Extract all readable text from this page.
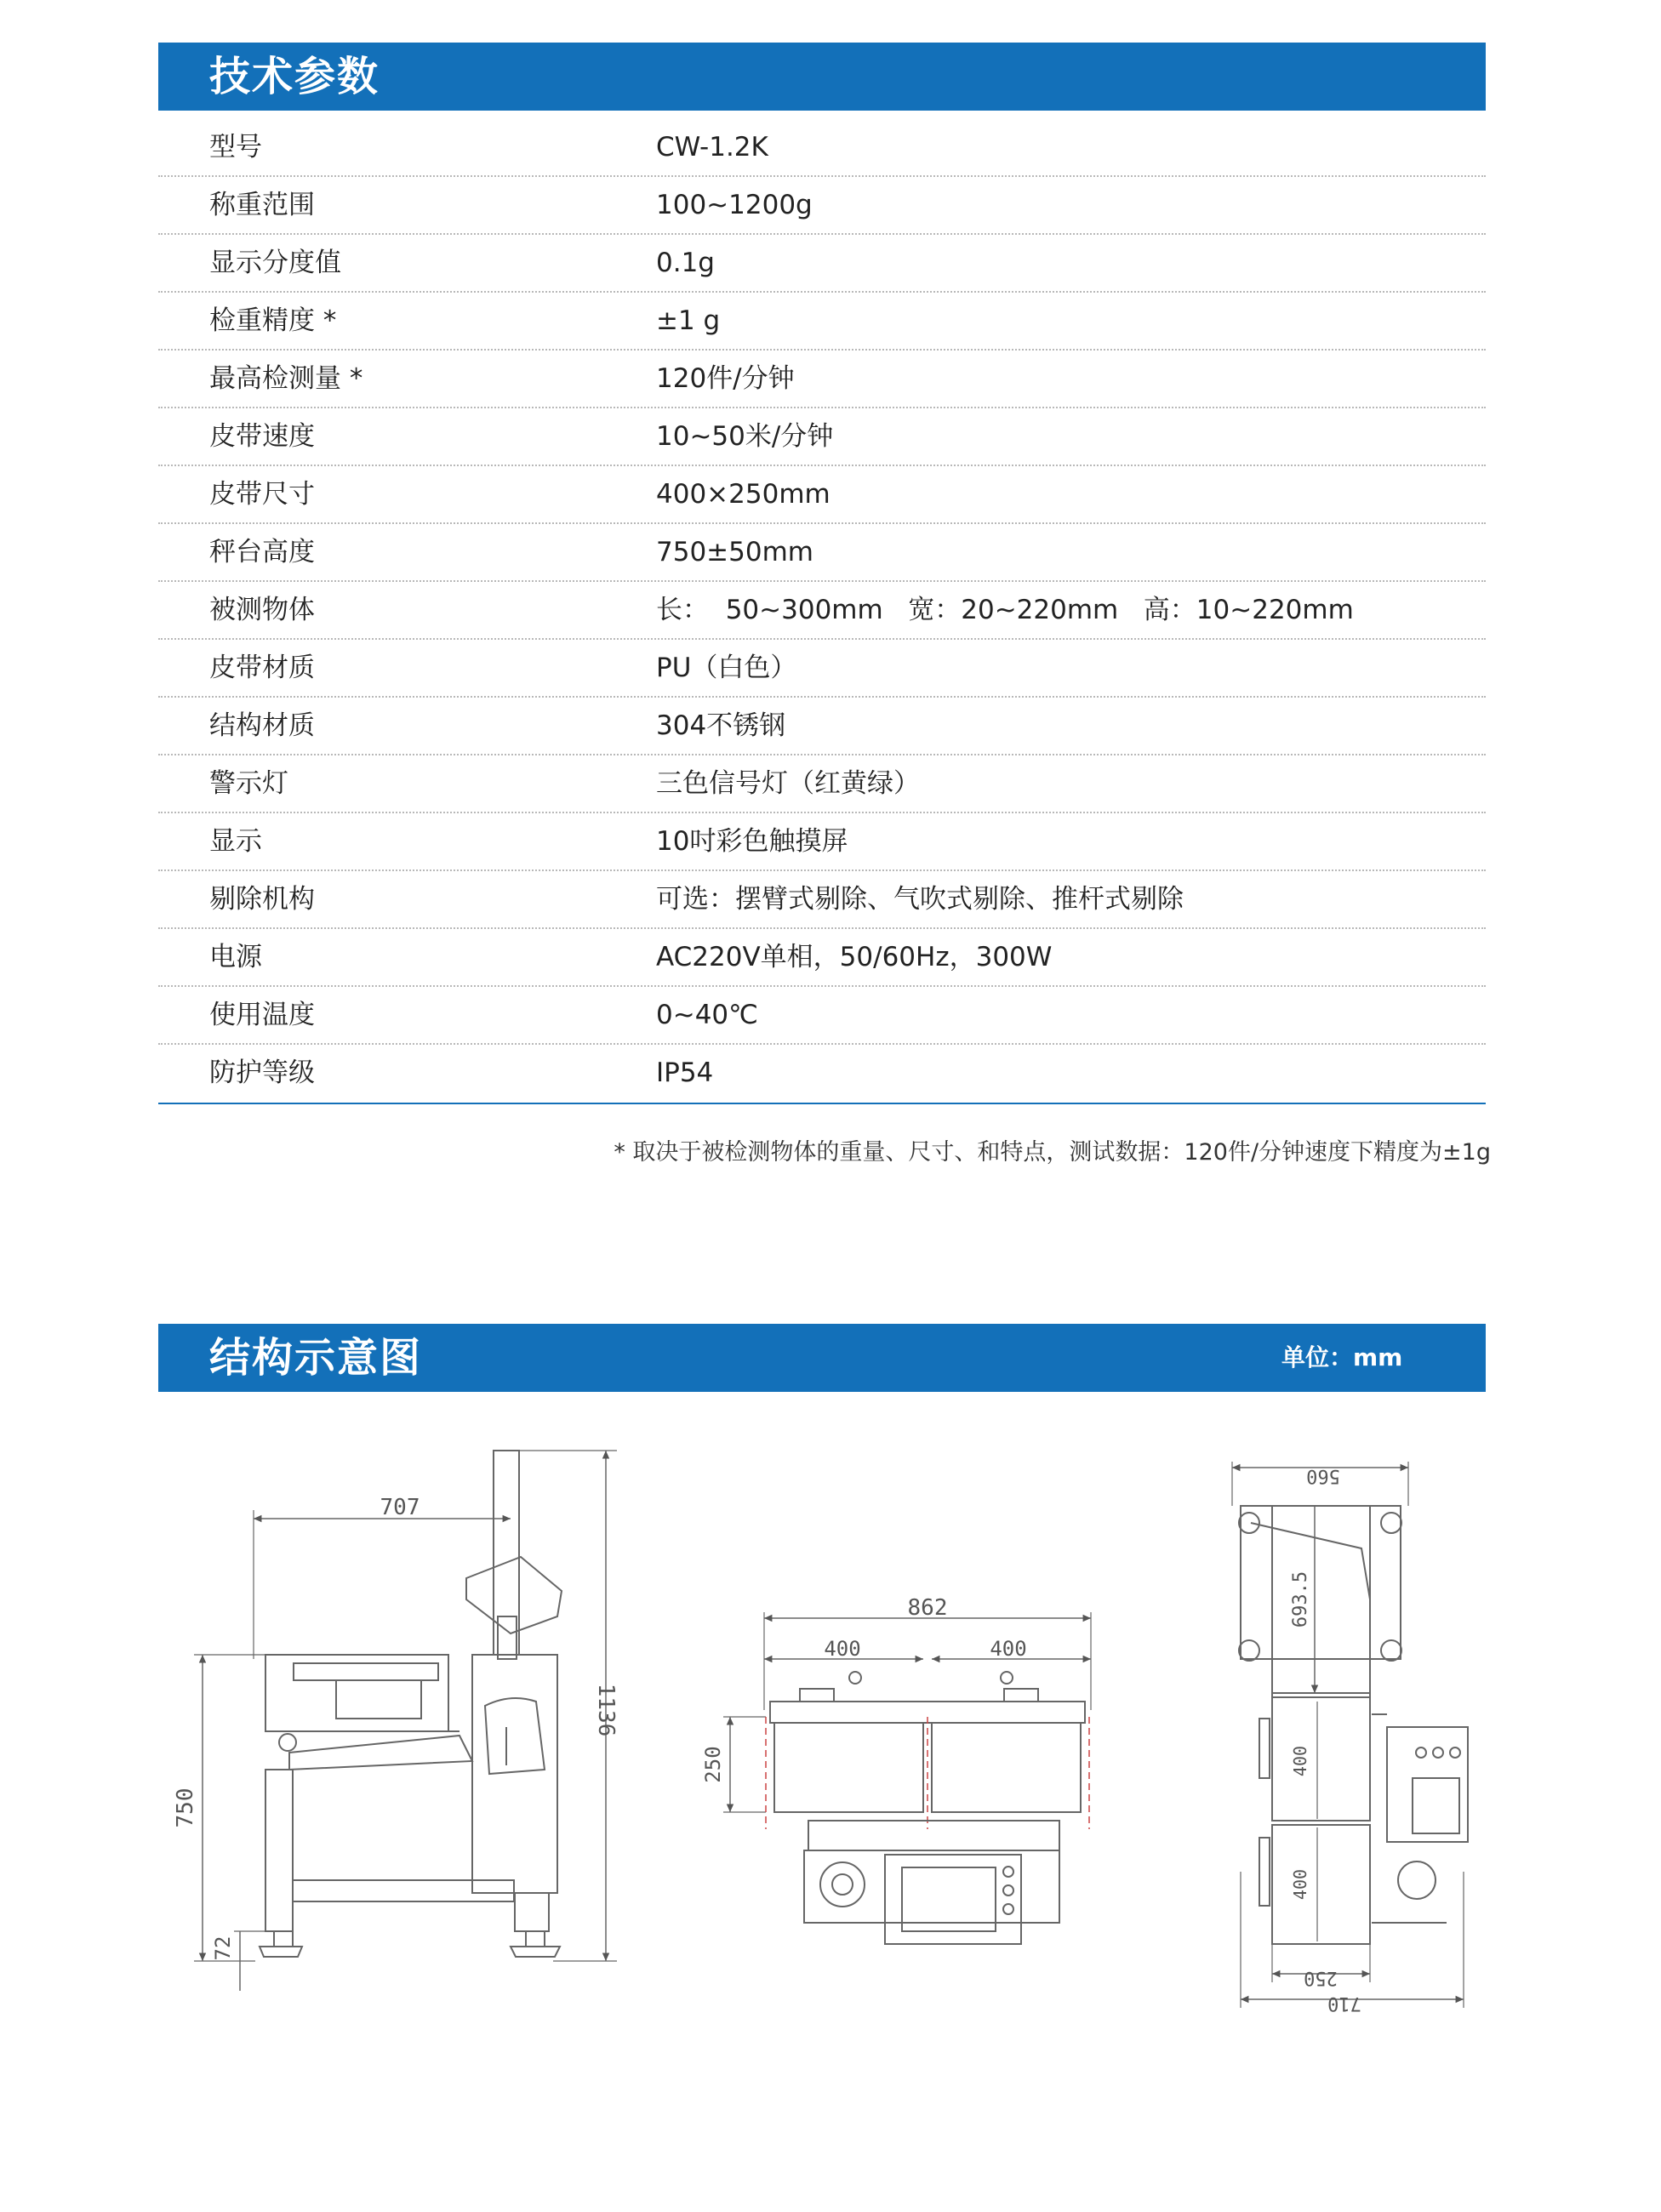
技术参数
型号	CW-1.2K
称重范围	100~1200g
显示分度值	0.1g
检重精度 *	±1 g
最高检测量 *	120件/分钟
皮带速度	10~50米/分钟
皮带尺寸	400×250mm
秤台高度	750±50mm
被测物体	长：  50~300mm   宽：20~220mm   高：10~220mm
皮带材质	PU（白色）
结构材质	304不锈钢
警示灯	三色信号灯（红黄绿）
显示	10吋彩色触摸屏
剔除机构	可选：摆臂式剔除、气吹式剔除、推杆式剔除
电源	AC220V单相，50/60Hz，300W
使用温度	0~40℃
防护等级	IP54
* 取决于被检测物体的重量、尺寸、和特点，测试数据：120件/分钟速度下精度为±1g
结构示意图	单位：mm
707
1136
750
72
862
400	400
250
560
693.5
400
400
250
710
